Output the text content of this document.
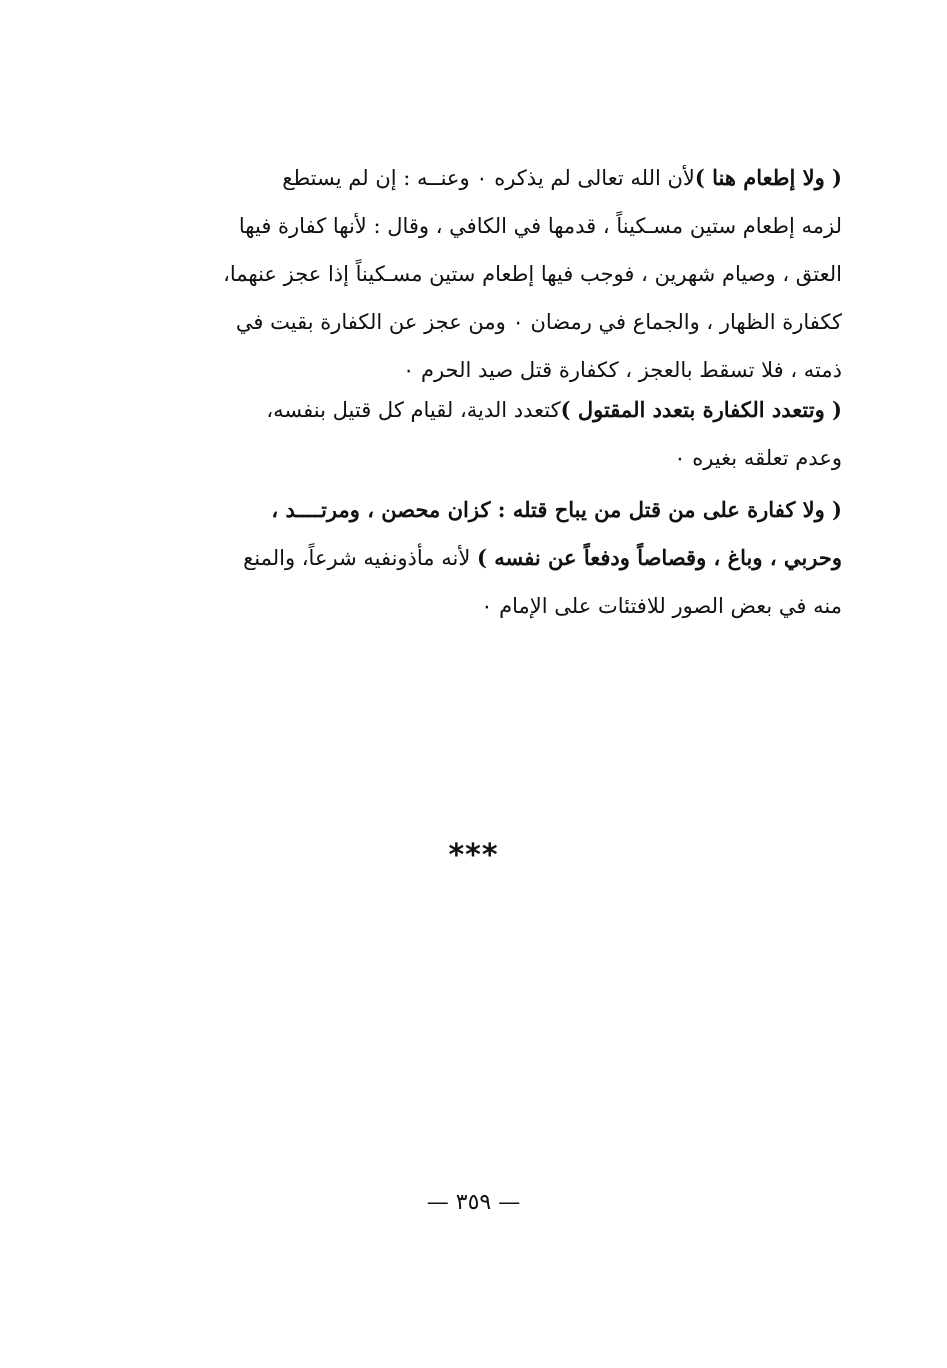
( ولا إطعام هنا )لأن الله تعالى لم يذكره ۰ وعنــه : إن لم يستطع
لزمه إطعام ستين مسـكيناً ، قدمها في الكافي ، وقال : لأنها كفارة فيها
العتق ، وصيام شهرين ، فوجب فيها إطعام ستين مسـكيناً إذا عجز عنهما،
ككفارة الظهار ، والجماع في رمضان ۰ ومن عجز عن الكفارة بقيت في
ذمته ، فلا تسقط بالعجز ، ككفارة قتل صيد الحرم ۰
( وتتعدد الكفارة بتعدد المقتول )كتعدد الدية، لقيام كل قتيل بنفسه،
وعدم تعلقه بغيره ۰
( ولا كفارة على من قتل من يباح قتله : كزان محصن ، ومرتــــد ،
وحربي ، وباغ ، وقصاصاً ودفعاً عن نفسه ) لأنه مأذونفيه شرعاً، والمنع
منه في بعض الصور للافتئات على الإمام ۰
***
— ٣٥٩ —
